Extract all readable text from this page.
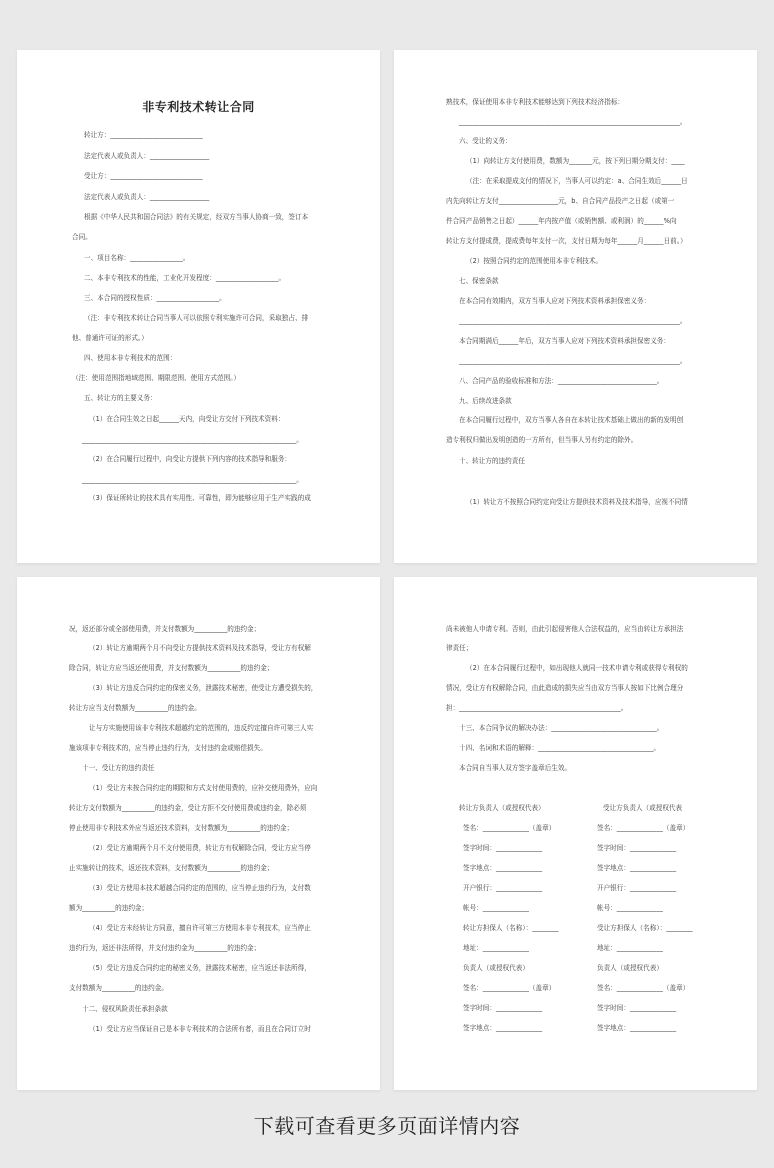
非专利技术转让合同
转让方：____________________________
法定代表人或负责人：__________________
受让方：____________________________
法定代表人或负责人：__________________
根据《中华人民共和国合同法》的有关规定，经双方当事人协商一致，签订本
合同。
一、项目名称：________________。
二、本非专利技术的性能，工业化开发程度：___________________。
三、本合同的授权性质：___________________。
（注：非专利技术转让合同当事人可以依照专利实施许可合同，采取独占、排
他、普通许可证的形式。）
四、使用本非专利技术的范围：
（注：使用范围指地域范围、期限范围、使用方式范围。）
五、转让方的主要义务：
（1）在合同生效之日起______天内，向受让方交付下列技术资料：
_________________________________________________________________。
（2）在合同履行过程中，向受让方提供下列内容的技术指导和服务：
_________________________________________________________________。
（3）保证所转让的技术具有实用性、可靠性，即为能够应用于生产实践的成
熟技术，保证使用本非专利技术能够达到下列技术经济指标：
___________________________________________________________________。
六、受让的义务：
（1）向转让方支付使用费，数额为_______元，按下列日期分期支付：____
（注：在采取提成支付的情况下，当事人可以约定：a、合同生效后______日
内先向转让方支付__________________元，b、自合同产品投产之日起（或第一
件合同产品销售之日起）______年内按产值（或销售额、或利润）的______%向
转让方支付提成费，提成费每年支付一次，支付日期为每年______月______日前。）
（2）按照合同约定的范围使用本非专利技术。
七、保密条款
在本合同有效期内，双方当事人应对下列技术资料承担保密义务：
___________________________________________________________________。
本合同期满后______年后，双方当事人应对下列技术资料承担保密义务：
___________________________________________________________________。
八、合同产品的验收标准和方法：______________________________。
九、后续改进条款
在本合同履行过程中，双方当事人各自在本转让技术基础上做出的新的发明创
造专利权归做出发明创造的一方所有，但当事人另有约定的除外。
十、转让方的违约责任
（1）转让方不按照合同约定向受让方提供技术资料及技术指导，应视不同情
况，返还部分或全部使用费，并支付数额为__________的违约金；
（2）转让方逾期两个月不向受让方提供技术资料及技术指导，受让方有权解
除合同，转让方应当返还使用费，并支付数额为__________的违约金；
（3）转让方违反合同约定的保密义务，泄露技术秘密，使受让方遭受损失的，
转让方应当支付数额为__________的违约金。
让与方实施使用该非专利技术超越约定的范围的，违反约定擅自许可第三人实
施该项非专利技术的，应当停止违约行为，支付违约金或赔偿损失。
十一、受让方的违约责任
（1）受让方未按合同约定的期限和方式支付使用费的，应补交使用费外，应向
转让方支付数额为__________的违约金，受让方拒不交付使用费或违约金，除必须
停止使用非专利技术外应当返还技术资料，支付数额为__________的违约金；
（2）受让方逾期两个月不支付使用费，转让方有权解除合同，受让方应当停
止实施转让的技术，返还技术资料，支付数额为__________的违约金；
（3）受让方使用本技术超越合同约定的范围的，应当停止违约行为，支付数
额为__________的违约金；
（4）受让方未经转让方同意，擅自许可第三方使用本非专利技术，应当停止
违约行为，返还非法所得，并支付违约金为__________的违约金；
（5）受让方违反合同约定的秘密义务，泄露技术秘密，应当返还非法所得，
支付数额为__________的违约金。
十二、侵权风险责任承担条款
（1）受让方应当保证自己是本非专利技术的合法所有者，而且在合同订立时
尚未被他人申请专利。否则，由此引起侵害他人合法权益的，应当由转让方承担法
律责任；
（2）在本合同履行过程中，如出现他人就同一技术申请专利或获得专利权的
情况，受让方有权解除合同，由此造成的损失应当由双方当事人按如下比例合理分
担：_________________________________________________。
十三、本合同争议的解决办法：________________________________。
十四、名词和术语的解释：___________________________________。
本合同自当事人双方签字盖章后生效。
转让方负责人（或授权代表）	受让方负责人（或授权代表
签名：______________（盖章）
签字时间：______________
签字地点：______________
开户银行：______________
帐号：______________
转让方担保人（名称）：________
地址：______________
负责人（或授权代表）
签名：______________（盖章）
签字时间：______________
签字地点：______________
签名：______________（盖章）
签字时间：______________
签字地点：______________
开户银行：______________
帐号：______________
受让方担保人（名称）：________
地址：______________
负责人（或授权代表）
签名：______________（盖章）
签字时间：______________
签字地点：______________
下载可查看更多页面详情内容
